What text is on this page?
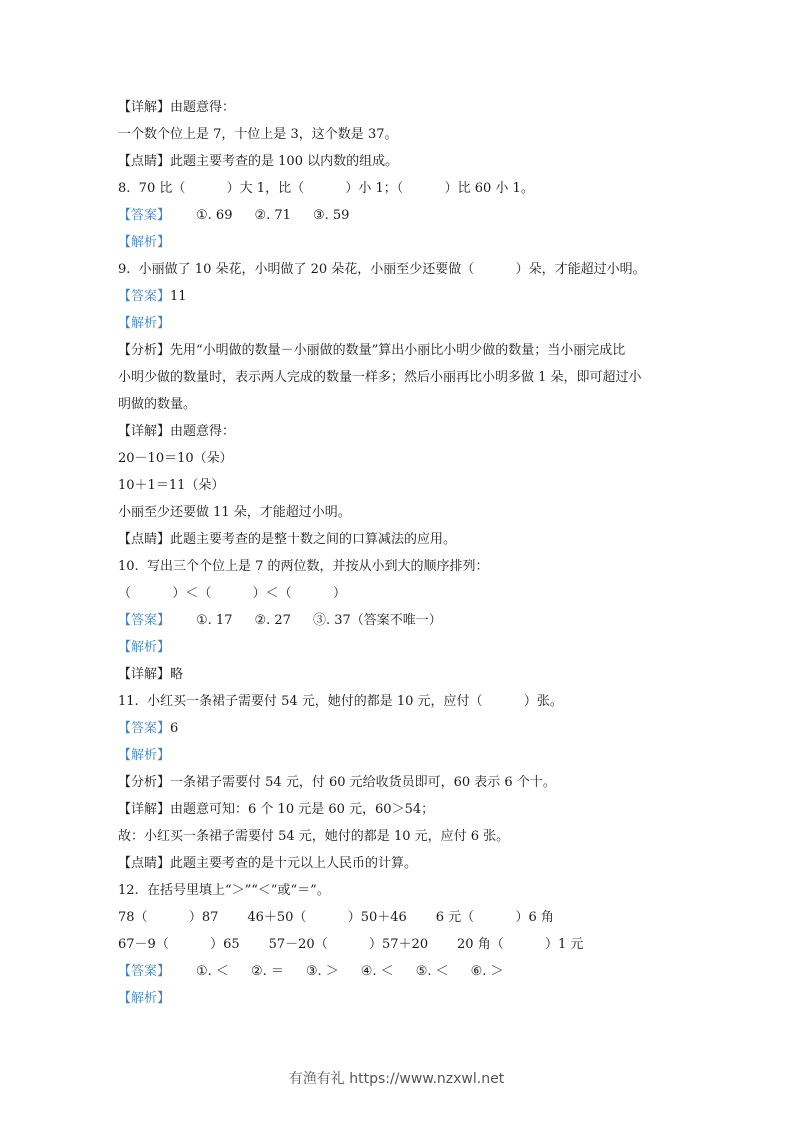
【详解】由题意得：
一个数个位上是 7，十位上是 3，这个数是 37。
【点睛】此题主要考查的是 100 以内数的组成。
8.  70 比（          ）大 1，比（          ）小 1；（          ）比 60 小 1。
【答案】 ①. 69 ②. 71 ③. 59
【解析】
9.  小丽做了 10 朵花，小明做了 20 朵花，小丽至少还要做（          ）朵，才能超过小明。
【答案】11
【解析】
【分析】先用“小明做的数量－小丽做的数量”算出小丽比小明少做的数量；当小丽完成比
小明少做的数量时，表示两人完成的数量一样多；然后小丽再比小明多做 1 朵，即可超过小
明做的数量。
【详解】由题意得：
20－10＝10（朵）
10＋1＝11（朵）
小丽至少还要做 11 朵，才能超过小明。
【点睛】此题主要考查的是整十数之间的口算减法的应用。
10.  写出三个个位上是 7 的两位数，并按从小到大的顺序排列：
（          ）＜（          ）＜（          ）
【答案】 ①. 17 ②. 27 ③. 37（答案不唯一）
【解析】
【详解】略
11.  小红买一条裙子需要付 54 元，她付的都是 10 元，应付（          ）张。
【答案】6
【解析】
【分析】一条裙子需要付 54 元，付 60 元给收货员即可，60 表示 6 个十。
【详解】由题意可知：6 个 10 元是 60 元，60＞54；
故：小红买一条裙子需要付 54 元，她付的都是 10 元，应付 6 张。
【点睛】此题主要考查的是十元以上人民币的计算。
12.  在括号里填上“＞”“＜”或“＝”。
78（          ）87       46＋50（          ）50＋46       6 元（          ）6 角
67－9（          ）65       57－20（          ）57＋20       20 角（          ）1 元
【答案】 ①. ＜ ②. ＝ ③. ＞ ④. ＜ ⑤. ＜ ⑥. ＞
【解析】
有渔有礼 https://www.nzxwl.net
